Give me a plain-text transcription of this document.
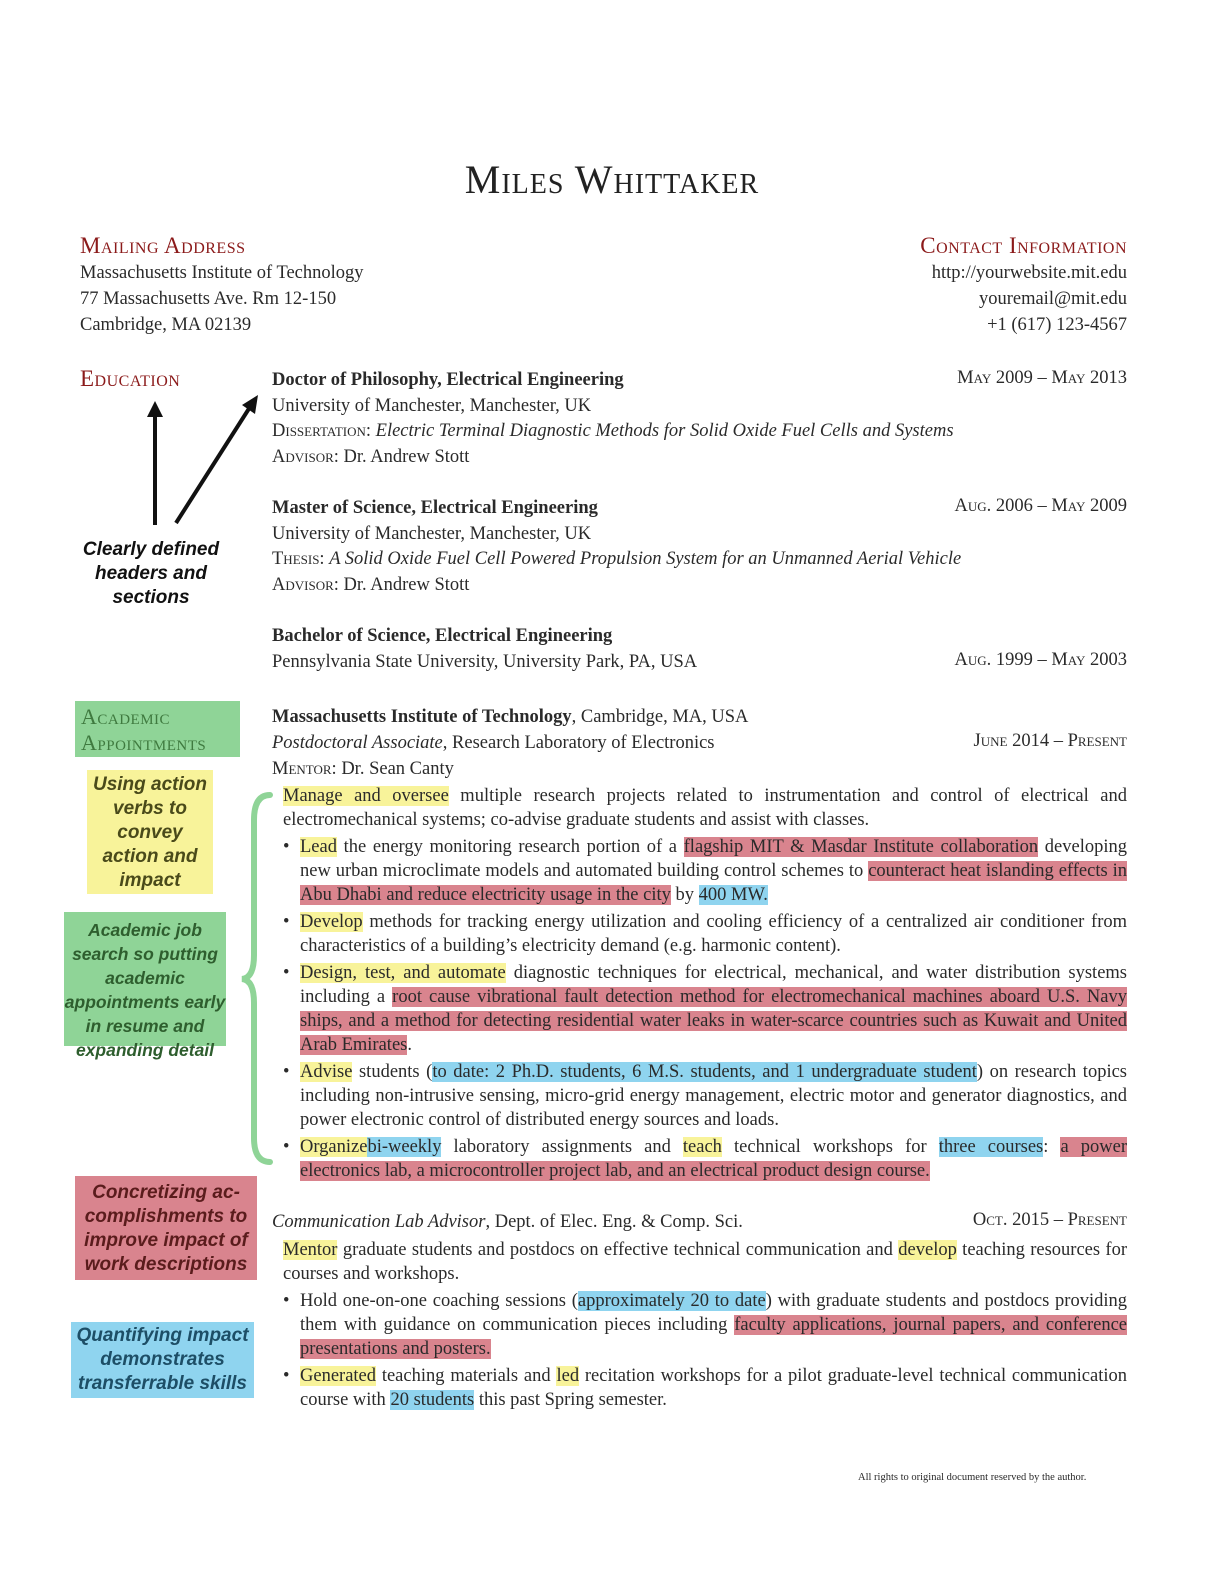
Miles Whittaker
Mailing Address
Massachusetts Institute of Technology
77 Massachusetts Ave. Rm 12-150
Cambridge, MA 02139
Contact Information
http://yourwebsite.mit.edu
youremail@mit.edu
+1 (617) 123-4567
Education	Doctor of Philosophy, Electrical Engineering	May 2009 – May 2013
University of Manchester, Manchester, UK
Dissertation: Electric Terminal Diagnostic Methods for Solid Oxide Fuel Cells and Systems
Advisor: Dr. Andrew Stott
Master of Science, Electrical Engineering	Aug. 2006 – May 2009
University of Manchester, Manchester, UK
Thesis: A Solid Oxide Fuel Cell Powered Propulsion System for an Unmanned Aerial Vehicle
Advisor: Dr. Andrew Stott
Bachelor of Science, Electrical Engineering
Pennsylvania State University, University Park, PA, USA	Aug. 1999 – May 2003
Clearly defined headers and sections
Academic
Appointments
Using action verbs to convey action and impact
Academic job search so putting academic appointments early in resume and expanding detail
Concretizing ac-complishments to improve impact of work descriptions
Quantifying impact demonstrates transferrable skills
Massachusetts Institute of Technology, Cambridge, MA, USA
Postdoctoral Associate, Research Laboratory of Electronics	June 2014 – Present
Mentor: Dr. Sean Canty
Manage and oversee multiple research projects related to instrumentation and control of electrical and electromechanical systems; co-advise graduate students and assist with classes.
• Lead the energy monitoring research portion of a flagship MIT & Masdar Institute collaboration developing new urban microclimate models and automated building control schemes to counteract heat islanding effects in Abu Dhabi and reduce electricity usage in the city by 400 MW.
• Develop methods for tracking energy utilization and cooling efficiency of a centralized air conditioner from characteristics of a building’s electricity demand (e.g. harmonic content).
• Design, test, and automate diagnostic techniques for electrical, mechanical, and water distribution systems including a root cause vibrational fault detection method for electromechanical machines aboard U.S. Navy ships, and a method for detecting residential water leaks in water-scarce countries such as Kuwait and United Arab Emirates.
• Advise students (to date: 2 Ph.D. students, 6 M.S. students, and 1 undergraduate student) on research topics including non-intrusive sensing, micro-grid energy management, electric motor and generator diagnostics, and power electronic control of distributed energy sources and loads.
• Organizebi-weekly laboratory assignments and teach technical workshops for three courses: a power electronics lab, a microcontroller project lab, and an electrical product design course.
Communication Lab Advisor, Dept. of Elec. Eng. & Comp. Sci.	Oct. 2015 – Present
Mentor graduate students and postdocs on effective technical communication and develop teaching resources for courses and workshops.
• Hold one-on-one coaching sessions (approximately 20 to date) with graduate students and postdocs providing them with guidance on communication pieces including faculty applications, journal papers, and conference presentations and posters.
• Generated teaching materials and led recitation workshops for a pilot graduate-level technical communication course with 20 students this past Spring semester.
All rights to original document reserved by the author.
